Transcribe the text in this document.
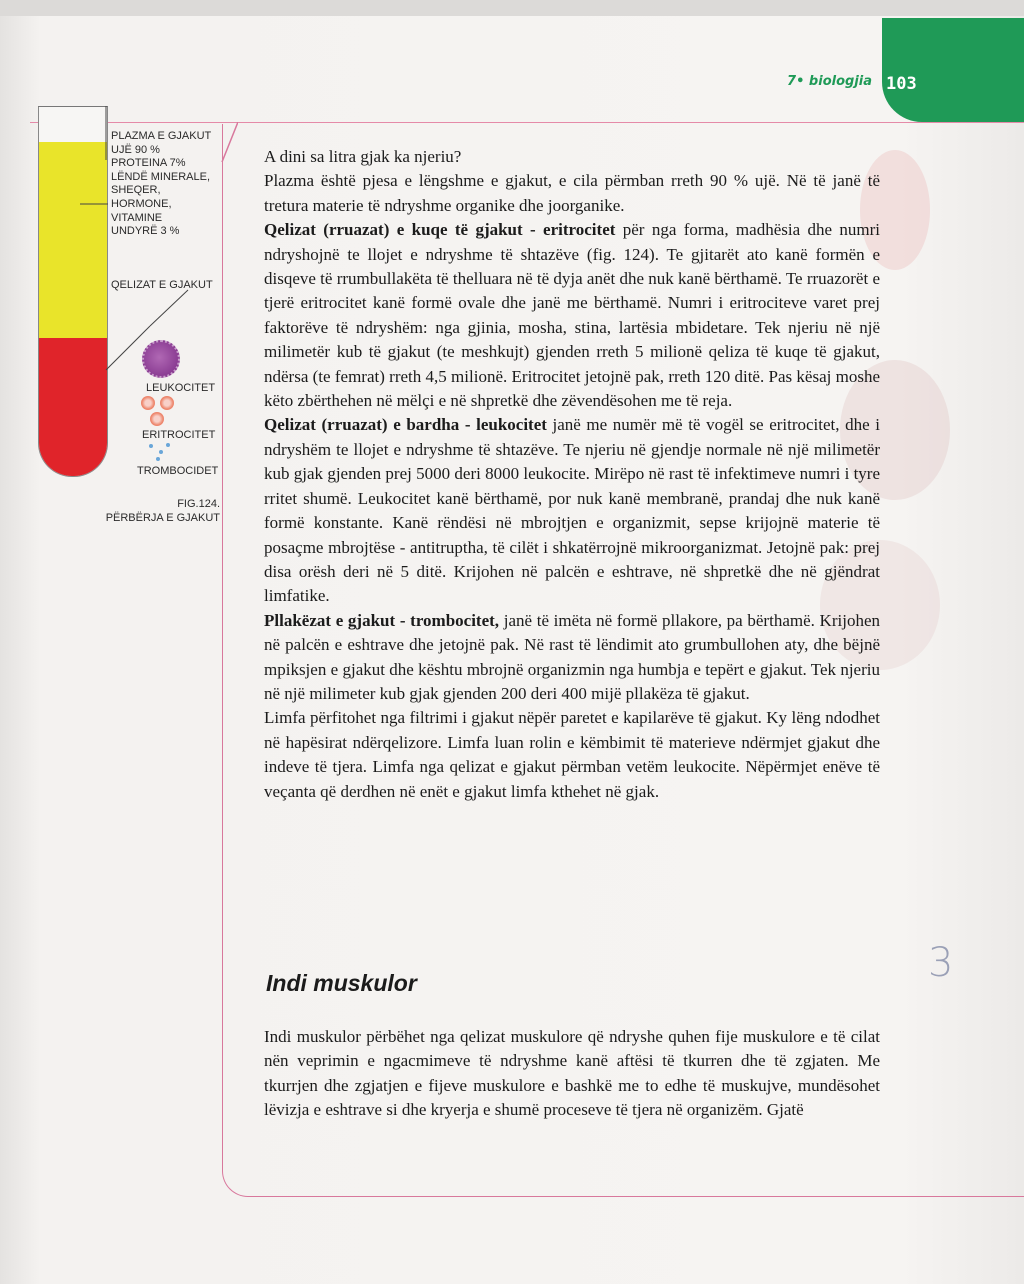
7• biologjia 103
PLAZMA E GJAKUT
UJË 90 %
PROTEINA 7%
LËNDË MINERALE,
SHEQER,
HORMONE,
VITAMINE
UNDYRË 3 %
QELIZAT E GJAKUT
LEUKOCITET
ERITROCITET
TROMBOCIDET
FIG.124.
PËRBËRJA E GJAKUT

A dini sa litra gjak ka njeriu?

Plazma është pjesa e lëngshme e gjakut, e cila përmban rreth 90 % ujë. Në të janë të tretura materie të ndryshme organike dhe joorganike.

Qelizat (rruazat) e kuqe të gjakut - eritrocitet për nga forma, madhësia dhe numri ndryshojnë te llojet e ndryshme të shtazëve (fig. 124). Te gjitarët ato kanë formën e disqeve të rrumbullakëta të thelluara në të dyja anët dhe nuk kanë bërthamë. Te rruazorët e tjerë eritrocitet kanë formë ovale dhe janë me bërthamë. Numri i eritrociteve varet prej faktorëve të ndryshëm: nga gjinia, mosha, stina, lartësia mbidetare. Tek njeriu në një milimetër kub të gjakut (te meshkujt) gjenden rreth 5 milionë qeliza të kuqe të gjakut, ndërsa (te femrat) rreth 4,5 milionë. Eritrocitet jetojnë pak, rreth 120 ditë. Pas kësaj moshe këto zbërthehen në mëlçi e në shpretkë dhe zëvendësohen me të reja.

Qelizat (rruazat) e bardha - leukocitet janë me numër më të vogël se eritrocitet, dhe i ndryshëm te llojet e ndryshme të shtazëve. Te njeriu në gjendje normale në një milimetër kub gjak gjenden prej 5000 deri 8000 leukocite. Mirëpo në rast të infektimeve numri i tyre rritet shumë. Leukocitet kanë bërthamë, por nuk kanë membranë, prandaj dhe nuk kanë formë konstante. Kanë rëndësi në mbrojtjen e organizmit, sepse krijojnë materie të posaçme mbrojtëse - antitruptha, të cilët i shkatërrojnë mikroorganizmat. Jetojnë pak: prej disa orësh deri në 5 ditë. Krijohen në palcën e eshtrave, në shpretkë dhe në gjëndrat limfatike.

Pllakëzat e gjakut - trombocitet, janë të imëta në formë pllakore, pa bërthamë. Krijohen në palcën e eshtrave dhe jetojnë pak. Në rast të lëndimit ato grumbullohen aty, dhe bëjnë mpiksjen e gjakut dhe kështu mbrojnë organizmin nga humbja e tepërt e gjakut. Tek njeriu në një milimeter kub gjak gjenden 200 deri 400 mijë pllakëza të gjakut.

Limfa përfitohet nga filtrimi i gjakut nëpër paretet e kapilarëve të gjakut. Ky lëng ndodhet në hapësirat ndërqelizore. Limfa luan rolin e këmbimit të materieve ndërmjet gjakut dhe indeve të tjera. Limfa nga qelizat e gjakut përmban vetëm leukocite. Nëpërmjet enëve të veçanta që derdhen në enët e gjakut limfa kthehet në gjak.

Indi muskulor

Indi muskulor përbëhet nga qelizat muskulore që ndryshe quhen fije muskulore e të cilat nën veprimin e ngacmimeve të ndryshme kanë aftësi të tkurren dhe të zgjaten. Me tkurrjen dhe zgjatjen e fijeve muskulore e bashkë me to edhe të muskujve, mundësohet lëvizja e eshtrave si dhe kryerja e shumë proceseve të tjera në organizëm. Gjatë

3
